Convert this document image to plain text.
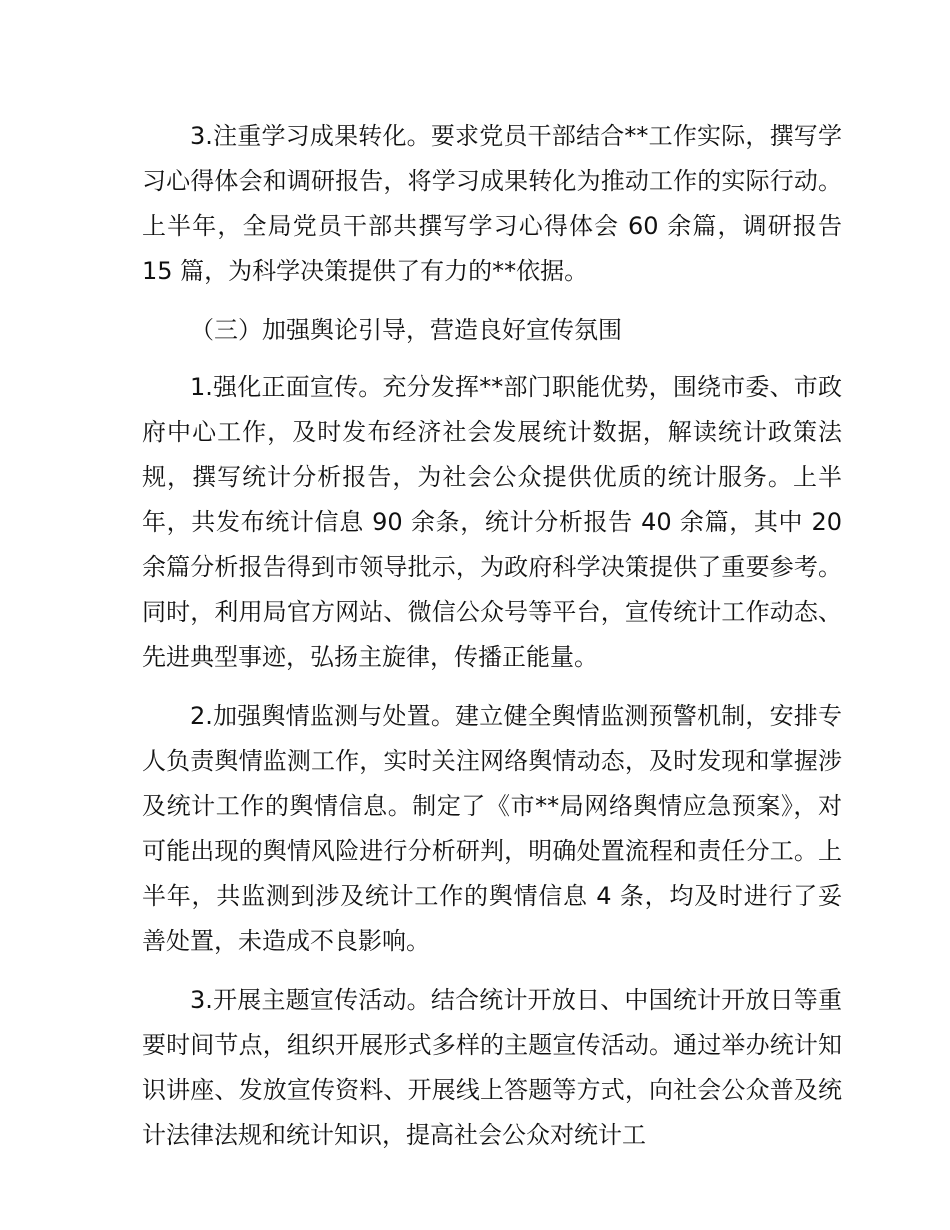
3.注重学习成果转化。要求党员干部结合**工作实际，撰写学习心得体会和调研报告，将学习成果转化为推动工作的实际行动。上半年，全局党员干部共撰写学习心得体会 60 余篇，调研报告 15 篇，为科学决策提供了有力的**依据。

（三）加强舆论引导，营造良好宣传氛围

1.强化正面宣传。充分发挥**部门职能优势，围绕市委、市政府中心工作，及时发布经济社会发展统计数据，解读统计政策法规，撰写统计分析报告，为社会公众提供优质的统计服务。上半年，共发布统计信息 90 余条，统计分析报告 40 余篇，其中 20 余篇分析报告得到市领导批示，为政府科学决策提供了重要参考。同时，利用局官方网站、微信公众号等平台，宣传统计工作动态、先进典型事迹，弘扬主旋律，传播正能量。

2.加强舆情监测与处置。建立健全舆情监测预警机制，安排专人负责舆情监测工作，实时关注网络舆情动态，及时发现和掌握涉及统计工作的舆情信息。制定了《市**局网络舆情应急预案》，对可能出现的舆情风险进行分析研判，明确处置流程和责任分工。上半年，共监测到涉及统计工作的舆情信息 4 条，均及时进行了妥善处置，未造成不良影响。

3.开展主题宣传活动。结合统计开放日、中国统计开放日等重要时间节点，组织开展形式多样的主题宣传活动。通过举办统计知识讲座、发放宣传资料、开展线上答题等方式，向社会公众普及统计法律法规和统计知识，提高社会公众对统计工
